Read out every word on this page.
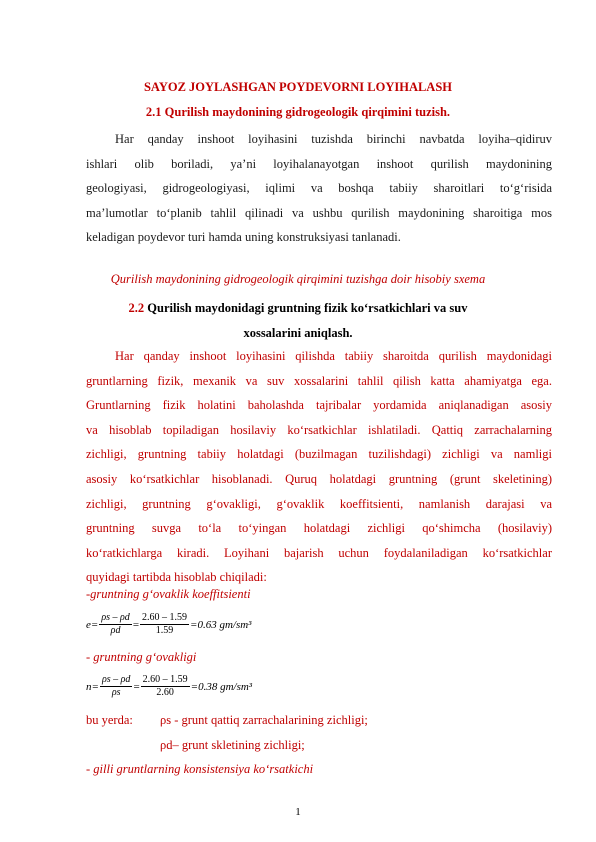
SAYOZ JOYLASHGAN POYDEVORNI LOYIHALASH
2.1 Qurilish maydonining gidrogeologik qirqimini tuzish.
Har qanday inshoot loyihasini tuzishda birinchi navbatda loyiha–qidiruv
ishlari olib boriladi, ya’ni loyihalanayotgan inshoot qurilish maydonining
geologiyasi, gidrogeologiyasi, iqlimi va boshqa tabiiy sharoitlari to‘g‘risida
ma’lumotlar to‘planib tahlil qilinadi va ushbu qurilish maydonining sharoitiga mos
keladigan poydevor turi hamda uning konstruksiyasi tanlanadi.
Qurilish maydonining gidrogeologik qirqimini tuzishga doir hisobiy sxema
2.2 Qurilish maydonidagi gruntning fizik ko‘rsatkichlari va suv
xossalarini aniqlash.
Har qanday inshoot loyihasini qilishda tabiiy sharoitda qurilish maydonidagi
gruntlarning fizik, mexanik va suv xossalarini tahlil qilish katta ahamiyatga ega.
Gruntlarning fizik holatini baholashda tajribalar yordamida aniqlanadigan asosiy
va hisoblab topiladigan hosilaviy ko‘rsatkichlar ishlatiladi. Qattiq zarrachalarning
zichligi, gruntning tabiiy holatdagi (buzilmagan tuzilishdagi) zichligi va namligi
asosiy ko‘rsatkichlar hisoblanadi. Quruq holatdagi gruntning (grunt skeletining)
zichligi, gruntning g‘ovakligi, g‘ovaklik koeffitsienti, namlanish darajasi va
gruntning suvga to‘la to‘yingan holatdagi zichligi qo‘shimcha (hosilaviy)
ko‘ratkichlarga kiradi. Loyihani bajarish uchun foydalaniladigan ko‘rsatkichlar
quyidagi tartibda hisoblab chiqiladi:
-gruntning g‘ovaklik koeffitsienti
$e= \frac{\rho s - \rho d}{\rho d} = \frac{2.60 - 1.59}{1.59} =0.63$ gm/sm³
- gruntning g‘ovakligi
$n= \frac{\rho s - \rho d}{\rho s} = \frac{2.60 - 1.59}{2.60} =0.38$ gm/sm³
bu yerda: ρs - grunt qattiq zarrachalarining zichligi;
ρd– grunt skletining zichligi;
- gilli gruntlarning konsistensiya ko‘rsatkichi
1
